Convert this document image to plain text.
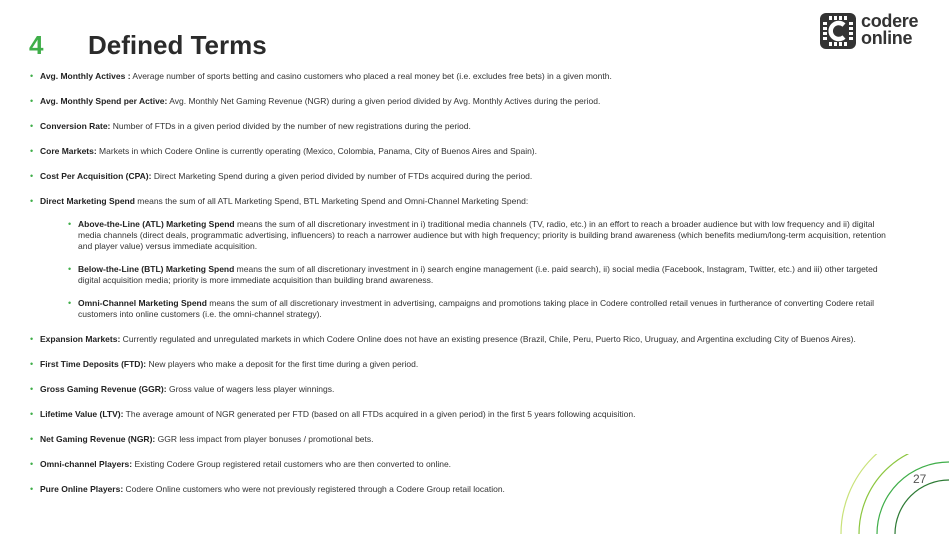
4 Defined Terms
codere
online
• Avg. Monthly Actives : Average number of sports betting and casino customers who placed a real money bet (i.e. excludes free bets) in a given month.
• Avg. Monthly Spend per Active: Avg. Monthly Net Gaming Revenue (NGR) during a given period divided by Avg. Monthly Actives during the period.
• Conversion Rate: Number of FTDs in a given period divided by the number of new registrations during the period.
• Core Markets: Markets in which Codere Online is currently operating (Mexico, Colombia, Panama, City of Buenos Aires and Spain).
• Cost Per Acquisition (CPA): Direct Marketing Spend during a given period divided by number of FTDs acquired during the period.
• Direct Marketing Spend means the sum of all ATL Marketing Spend, BTL Marketing Spend and Omni-Channel Marketing Spend:
• Above-the-Line (ATL) Marketing Spend means the sum of all discretionary investment in i) traditional media channels (TV, radio, etc.) in an effort to reach a broader audience but with low frequency and ii) digital media channels (direct deals, programmatic advertising, influencers) to reach a narrower audience but with high frequency; priority is building brand awareness (which benefits medium/long-term acquisition, retention and player value) versus immediate acquisition.
• Below-the-Line (BTL) Marketing Spend means the sum of all discretionary investment in i) search engine management (i.e. paid search), ii) social media (Facebook, Instagram, Twitter, etc.) and iii) other targeted digital acquisition media; priority is more immediate acquisition than building brand awareness.
• Omni-Channel Marketing Spend means the sum of all discretionary investment in advertising, campaigns and promotions taking place in Codere controlled retail venues in furtherance of converting Codere retail customers into online customers (i.e. the omni-channel strategy).
• Expansion Markets: Currently regulated and unregulated markets in which Codere Online does not have an existing presence (Brazil, Chile, Peru, Puerto Rico, Uruguay, and Argentina excluding City of Buenos Aires).
• First Time Deposits (FTD): New players who make a deposit for the first time during a given period.
• Gross Gaming Revenue (GGR): Gross value of wagers less player winnings.
• Lifetime Value (LTV): The average amount of NGR generated per FTD (based on all FTDs acquired in a given period) in the first 5 years following acquisition.
• Net Gaming Revenue (NGR): GGR less impact from player bonuses / promotional bets.
• Omni-channel Players: Existing Codere Group registered retail customers who are then converted to online.
• Pure Online Players: Codere Online customers who were not previously registered through a Codere Group retail location.
27
